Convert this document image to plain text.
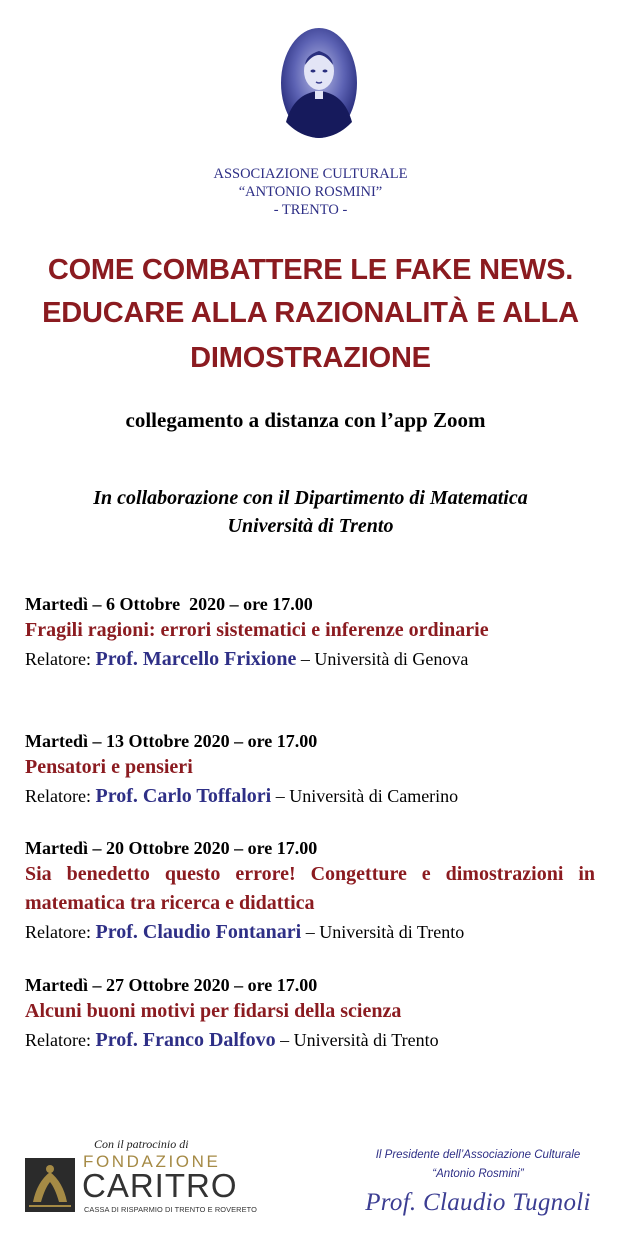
ASSOCIAZIONE CULTURALE
“ANTONIO ROSMINI”
- TRENTO -
COME COMBATTERE LE FAKE NEWS.
EDUCARE ALLA RAZIONALITÀ E ALLA
DIMOSTRAZIONE
collegamento a distanza con l’app Zoom
In collaborazione con il Dipartimento di Matematica
Università di Trento
Martedì – 6 Ottobre  2020 – ore 17.00
Fragili ragioni: errori sistematici e inferenze ordinarie
Relatore: Prof. Marcello Frixione – Università di Genova
Martedì – 13 Ottobre 2020 – ore 17.00
Pensatori e pensieri
Relatore: Prof. Carlo Toffalori – Università di Camerino
Martedì – 20 Ottobre 2020 – ore 17.00
Sia benedetto questo errore! Congetture e dimostrazioni in matematica tra ricerca e didattica
Relatore: Prof. Claudio Fontanari – Università di Trento
Martedì – 27 Ottobre 2020 – ore 17.00
Alcuni buoni motivi per fidarsi della scienza
Relatore: Prof. Franco Dalfovo – Università di Trento
Con il patrocinio di
FONDAZIONE
CARITRO
CASSA DI RISPARMIO DI TRENTO E ROVERETO
Il Presidente dell’Associazione Culturale
“Antonio Rosmini”
Prof. Claudio Tugnoli
